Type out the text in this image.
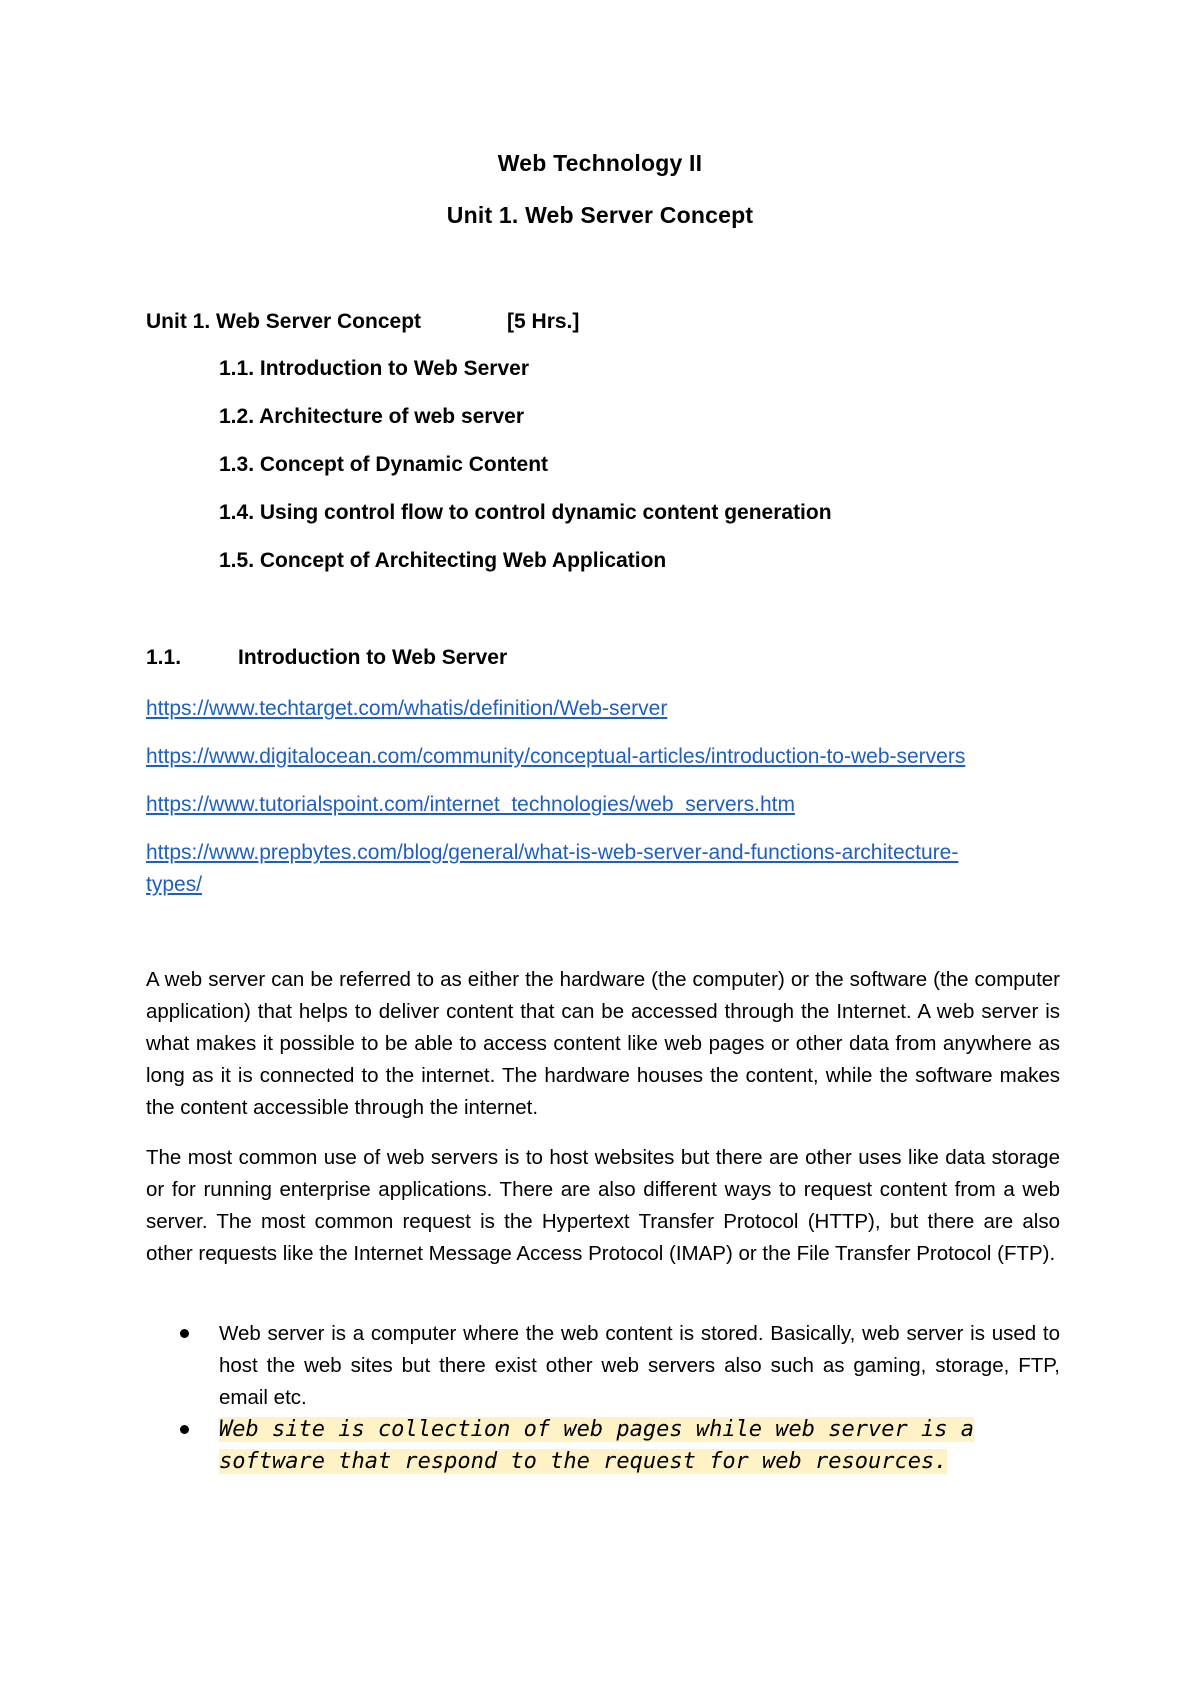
Web Technology II
Unit 1. Web Server Concept
Unit 1. Web Server Concept	[5 Hrs.]
1.1. Introduction to Web Server
1.2. Architecture of web server
1.3. Concept of Dynamic Content
1.4. Using control flow to control dynamic content generation
1.5. Concept of Architecting Web Application
1.1.	Introduction to Web Server
https://www.techtarget.com/whatis/definition/Web-server
https://www.digitalocean.com/community/conceptual-articles/introduction-to-web-servers
https://www.tutorialspoint.com/internet_technologies/web_servers.htm
https://www.prepbytes.com/blog/general/what-is-web-server-and-functions-architecture-
types/
A web server can be referred to as either the hardware (the computer) or the software (the computer application) that helps to deliver content that can be accessed through the Internet. A web server is what makes it possible to be able to access content like web pages or other data from anywhere as long as it is connected to the internet. The hardware houses the content, while the software makes the content accessible through the internet.
The most common use of web servers is to host websites but there are other uses like data storage or for running enterprise applications. There are also different ways to request content from a web server. The most common request is the Hypertext Transfer Protocol (HTTP), but there are also other requests like the Internet Message Access Protocol (IMAP) or the File Transfer Protocol (FTP).
Web server is a computer where the web content is stored. Basically, web server is used to host the web sites but there exist other web servers also such as gaming, storage, FTP, email etc.
Web site is collection of web pages while web server is a software that respond to the request for web resources.
